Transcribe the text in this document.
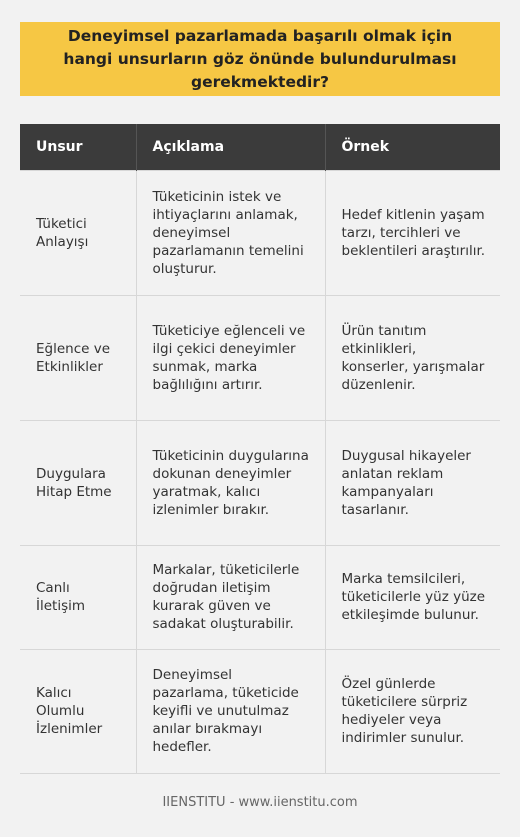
Deneyimsel pazarlamada başarılı olmak için hangi unsurların göz önünde bulundurulması gerekmektedir?
Unsur	Açıklama	Örnek
Tüketici Anlayışı	Tüketicinin istek ve ihtiyaçlarını anlamak, deneyimsel pazarlamanın temelini oluşturur.	Hedef kitlenin yaşam tarzı, tercihleri ve beklentileri araştırılır.
Eğlence ve Etkinlikler	Tüketiciye eğlenceli ve ilgi çekici deneyimler sunmak, marka bağlılığını artırır.	Ürün tanıtım etkinlikleri, konserler, yarışmalar düzenlenir.
Duygulara Hitap Etme	Tüketicinin duygularına dokunan deneyimler yaratmak, kalıcı izlenimler bırakır.	Duygusal hikayeler anlatan reklam kampanyaları tasarlanır.
Canlı İletişim	Markalar, tüketicilerle doğrudan iletişim kurarak güven ve sadakat oluşturabilir.	Marka temsilcileri, tüketicilerle yüz yüze etkileşimde bulunur.
Kalıcı Olumlu İzlenimler	Deneyimsel pazarlama, tüketicide keyifli ve unutulmaz anılar bırakmayı hedefler.	Özel günlerde tüketicilere sürpriz hediyeler veya indirimler sunulur.
IIENSTITU - www.iienstitu.com
